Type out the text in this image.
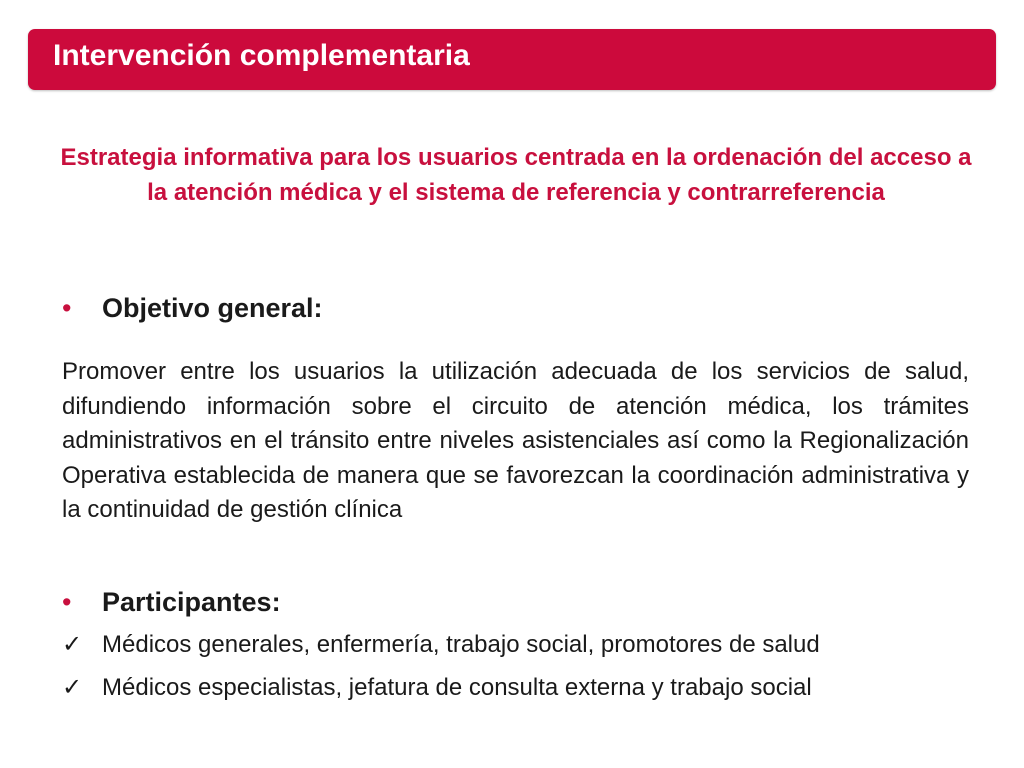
Intervención complementaria
Estrategia informativa para los usuarios centrada en la ordenación del acceso a la atención médica y el sistema de referencia y contrarreferencia
• Objetivo general:
Promover entre los usuarios la utilización adecuada de los servicios de salud, difundiendo información sobre el circuito de atención médica, los trámites administrativos en el tránsito entre niveles asistenciales así como la Regionalización Operativa establecida de manera que se favorezcan la coordinación administrativa y la continuidad de gestión clínica
• Participantes:
✓ Médicos generales, enfermería, trabajo social, promotores de salud
✓ Médicos especialistas, jefatura de consulta externa y trabajo social
